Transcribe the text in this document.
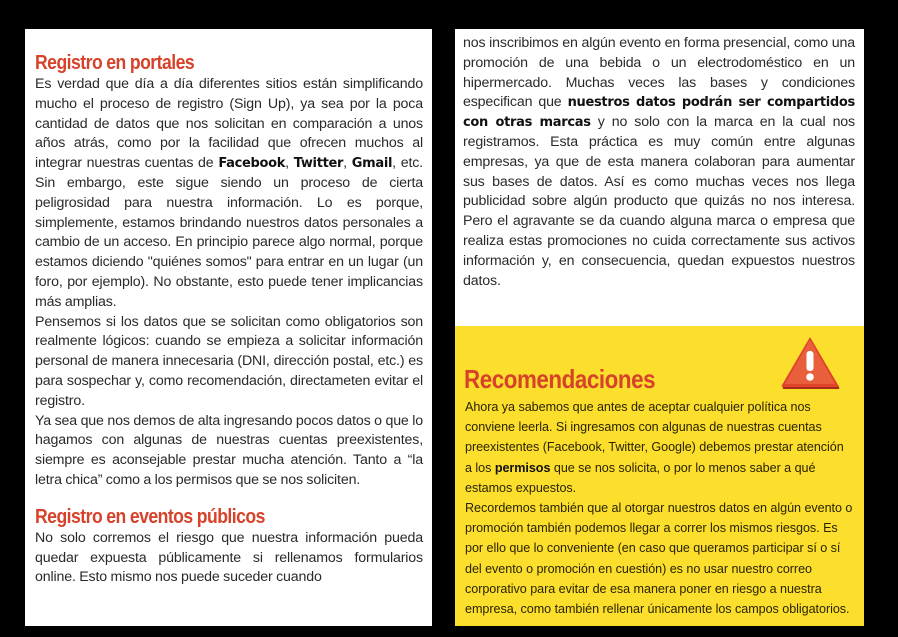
Registro en portales

Es verdad que día a día diferentes sitios están simplificando mucho el proceso de registro (Sign Up), ya sea por la poca cantidad de datos que nos solicitan en comparación a unos años atrás, como por la facilidad que ofrecen muchos al integrar nuestras cuentas de Facebook, Twitter, Gmail, etc. Sin embargo, este sigue siendo un proceso de cierta peligrosidad para nuestra información. Lo es porque, simplemente, estamos brindando nuestros datos personales a cambio de un acceso. En principio parece algo normal, porque estamos diciendo "quiénes somos" para entrar en un lugar (un foro, por ejemplo). No obstante, esto puede tener implicancias más amplias.

Pensemos si los datos que se solicitan como obligatorios son realmente lógicos: cuando se empieza a solicitar información personal de manera innecesaria (DNI, dirección postal, etc.) es para sospechar y, como recomendación, directameten evitar el registro.

Ya sea que nos demos de alta ingresando pocos datos o que lo hagamos con algunas de nuestras cuentas preexistentes, siempre es aconsejable prestar mucha atención. Tanto a “la letra chica” como a los permisos que se nos soliciten.

Registro en eventos públicos

No solo corremos el riesgo que nuestra información pueda quedar expuesta públicamente si rellenamos formularios online. Esto mismo nos puede suceder cuando

nos inscribimos en algún evento en forma presencial, como una promoción de una bebida o un electrodoméstico en un hipermercado. Muchas veces las bases y condiciones especifican que nuestros datos podrán ser compartidos con otras marcas y no solo con la marca en la cual nos registramos. Esta práctica es muy común entre algunas empresas, ya que de esta manera colaboran para aumentar sus bases de datos. Así es como muchas veces nos llega publicidad sobre algún producto que quizás no nos interesa. Pero el agravante se da cuando alguna marca o empresa que realiza estas promociones no cuida correctamente sus activos información y, en consecuencia, quedan expuestos nuestros datos.

Recomendaciones

Ahora ya sabemos que antes de aceptar cualquier política nos conviene leerla. Si ingresamos con algunas de nuestras cuentas preexistentes (Facebook, Twitter, Google) debemos prestar atención a los permisos que se nos solicita, o por lo menos saber a qué estamos expuestos.

Recordemos también que al otorgar nuestros datos en algún evento o promoción también podemos llegar a correr los mismos riesgos. Es por ello que lo conveniente (en caso que queramos participar sí o sí del evento o promoción en cuestión) es no usar nuestro correo corporativo para evitar de esa manera poner en riesgo a nuestra empresa, como también rellenar únicamente los campos obligatorios.
